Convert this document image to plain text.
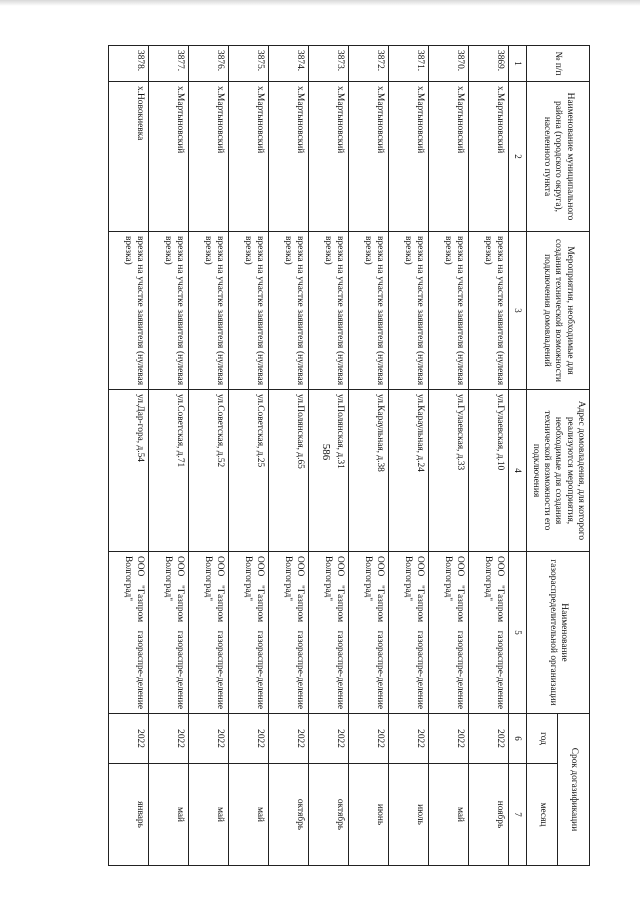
586
№ п/п	Наименование муниципального района (городского округа), населенного пункта	Мероприятия, необходимые для создания технической возможности подключения домовладений	Адрес домовладения, для которого реализуются мероприятия, необходимые для создания технической возможности его подключения	Наименование газораспределительной организации	Срок догазификации	
					год	месяц
1	2	3	4	5	6	7
3869.	х.Мартыновский	врезка на участке заявителя (нулевая врезка)	ул.Гулаевская, д.10	ООО "Газпром газораспре-деление Волгоград"	2022	ноябрь
3870.	х.Мартыновский	врезка на участке заявителя (нулевая врезка)	ул.Гулаевская, д.33	ООО "Газпром газораспре-деление Волгоград"	2022	май
3871.	х.Мартыновский	врезка на участке заявителя (нулевая врезка)	ул.Караульная, д.24	ООО "Газпром газораспре-деление Волгоград"	2022	июль
3872.	х.Мартыновский	врезка на участке заявителя (нулевая врезка)	ул.Караульная, д.38	ООО "Газпром газораспре-деление Волгоград"	2022	июнь
3873.	х.Мартыновский	врезка на участке заявителя (нулевая врезка)	ул.Полянская, д.31	ООО "Газпром газораспре-деление Волгоград"	2022	октябрь
3874.	х.Мартыновский	врезка на участке заявителя (нулевая врезка)	ул.Полянская, д.65	ООО "Газпром газораспре-деление Волгоград"	2022	октябрь
3875.	х.Мартыновский	врезка на участке заявителя (нулевая врезка)	ул.Советская, д.25	ООО "Газпром газораспре-деление Волгоград"	2022	май
3876.	х.Мартыновский	врезка на участке заявителя (нулевая врезка)	ул.Советская, д.52	ООО "Газпром газораспре-деление Волгоград"	2022	май
3877.	х.Мартыновский	врезка на участке заявителя (нулевая врезка)	ул.Советская, д.71	ООО "Газпром газораспре-деление Волгоград"	2022	май
3878.	х.Новокиевка	врезка на участке заявителя (нулевая врезка)	ул.Дар-гора, д.54	ООО "Газпром газораспре-деление Волгоград"	2022	январь
